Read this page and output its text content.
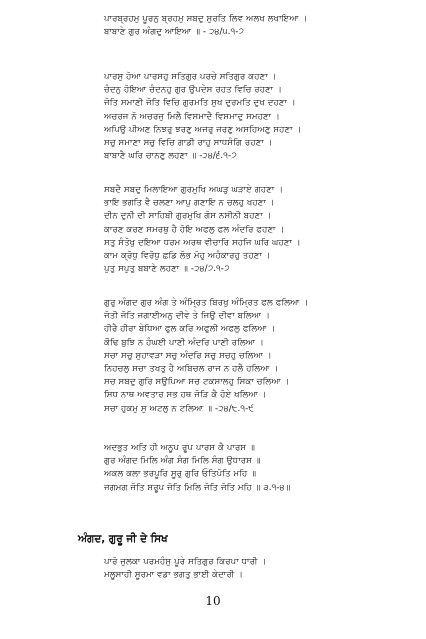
ਪਾਰਬ੍ਰਹਮੁ ਪੂਰਨੁ ਬ੍ਰਹਮੁ ਸਬਦੁ ਸੁਰਤਿ ਲਿਵ ਅਲਖ ਲਖਾਇਆ ।
ਬਾਬਾਣੇ ਗੁਰ ਅੰਗਦੁ ਆਇਆ ॥ - ੨੪/੫.੧-੭
ਪਾਰਸੁ ਹੋਆ ਪਾਰਸਹੁ ਸਤਿਗੁਰ ਪਰਚੇ ਸਤਿਗੁਰ ਕਹਣਾ ।
ਚੰਦਨੁ ਹੋਇਆ ਚੰਦਨਹੁ ਗੁਰ ਉਪਦੇਸ ਰਹਤ ਵਿਚਿ ਰਹਣਾ ।
ਜੋਤਿ ਸਮਾਣੀ ਜੋਤਿ ਵਿਚਿ ਗੁਰਮਤਿ ਸੁਖ ਦੁਰਮਤਿ ਦੁਖ ਦਹਣਾ ।
ਅਚਰਜ ਨੋ ਅਚਰਜੁ ਮਿਲੈ ਵਿਸਮਾਦੈ ਵਿਸਮਾਦੁ ਸਮਹਣਾ ।
ਅਪਿਉ ਪੀਅਣ ਨਿਝਰੁ ਝਰਣੁ ਅਜਰੁ ਜਰਣੁ ਅਸਹਿਅਣੁ ਸਹਣਾ ।
ਸਚੁ ਸਮਾਣਾ ਸਚੁ ਵਿਚਿ ਗਾਡੀ ਰਾਹੁ ਸਾਧਸੰਗਿ ਰਹਣਾ ।
ਬਾਬਾਣੈ ਘਰਿ ਚਾਨਣੁ ਲਹਣਾ ॥ -੨੪/੬.੧-੭
ਸਬਦੈ ਸਬਦੁ ਮਿਲਾਇਆ ਗੁਰਮੁਖਿ ਅਘੜੁ ਘੜਾਏ ਗਹਣਾ ।
ਭਾਇ ਭਗਤਿ ਵੈ ਚਲਣਾ ਆਪੁ ਗਣਾਇ ਨ ਚਲਹੁ ਖਹਣਾ ।
ਦੀਨ ਦੁਨੀ ਦੀ ਸਾਹਿਬੀ ਗੁਰਮੁਖਿ ਗੋਸ ਨਸੀਨੀ ਬਹਣਾ ।
ਕਾਰਣ ਕਰਣ ਸਮਰਥੁ ਹੈ ਹੋਇ ਅਫਲੁ ਫਲ ਅੰਦਰਿ ਫਹਣਾ ।
ਸਤੁ ਸੰਤੋਖੁ ਦਇਆ ਧਰਮ ਅਰਥ ਵੀਚਾਰਿ ਸਹਜਿ ਘਰਿ ਘਹਣਾ ।
ਕਾਮ ਕ੍ਰੋਧੁ ਵਿਰੋਧੁ ਛਡਿ ਲੋਭ ਮੋਹੁ ਅਹੰਕਾਰਹੁ ਤਹਣਾ ।
ਪੁਤੁ ਸਪੁਤੁ ਬਬਾਣੇ ਲਹਣਾ ॥ -੨੪/੭.੧-੭
ਗੁਰੁ ਅੰਗਦ ਗੁਰ ਅੰਗ ਤੇ ਅੰਮ੍ਰਿਤ ਬਿਰਖੁ ਅੰਮ੍ਰਿਤ ਫਲ ਫਲਿਆ ।
ਜੋਤੀ ਜੋਤਿ ਜਗਾਈਅਨੁ ਦੀਵੇ ਤੇ ਜਿਉ ਦੀਵਾ ਬਲਿਆ ।
ਹੀਰੈ ਹੀਰਾ ਬੇਧਿਆ ਫੁਲ ਕਰਿ ਅਫੁਲੀ ਅਫਲੁ ਫਲਿਆ ।
ਕੌਢਿ ਬੁਝਿ ਨ ਹੰਘਈ ਪਾਣੀ ਅੰਦਰਿ ਪਾਣੀ ਰਲਿਆ ।
ਸਚਾ ਸਚੁ ਸੁਹਾਵੜਾ ਸਚੁ ਅੰਦਰਿ ਸਚੁ ਸਚਹੁ ਚਲਿਆ ।
ਨਿਹਚਲੁ ਸਚਾ ਤਖਤੁ ਹੈ ਅਬਿਚਲ ਰਾਜ ਨ ਹਲੈ ਹਲਿਆ ।
ਸਚ ਸਬਦੁ ਗੁਰਿ ਸਉਪਿਆ ਸਚ ਟਕਸਾਲਹੁ ਸਿਕਾ ਚਲਿਆ ।
ਸਿਧ ਨਾਥ ਅਵਤਾਰ ਸਭ ਹਥ ਜੋੜਿ ਕੈ ਹੋਏ ਖਲਿਆ ।
ਸਚਾ ਹੁਕਮੁ ਸੁ ਅਟਲੁ ਨ ਟਲਿਆ ॥ -੨੪/੮.੧-੯
ਅਦਭੁਤ ਅਤਿ ਹੀ ਅਨੂਪ ਰੂਪ ਪਾਰਸ ਕੈ ਪਾਰਸ ॥
ਗੁਰ ਅੰਗਦ ਮਿਲਿ ਅੰਗ ਸੰਗ ਮਿਲਿ ਸੰਗ ਉਧਾਰਸ ॥
ਅਕਲ ਕਲਾ ਭਰਪੂਰਿ ਸੂਰੁ ਗੁਰਿ ਓਤਿਪੋਤਿ ਮਹਿ ॥
ਜਗਮਗ ਜੋਤਿ ਸਰੂਪ ਜੋਤਿ ਮਿਲਿ ਜੋਤਿ ਜੋਤਿ ਮਹਿ ॥ ੩.੧-੪॥
ਅੰਗਦ, ਗੁਰੂ ਜੀ ਦੇ ਸਿਖ
ਪਾਰੋ ਜੁਲਕਾ ਪਰਮਹੰਸੁ ਪੂਰੇ ਸਤਿਗੁਰ ਕਿਰਪਾ ਧਾਰੀ ।
ਮਲੂਸਾਹੀ ਸੂਰਮਾ ਵਡਾ ਭਗਤੁ ਭਾਈ ਕੇਦਾਰੀ ।
10
